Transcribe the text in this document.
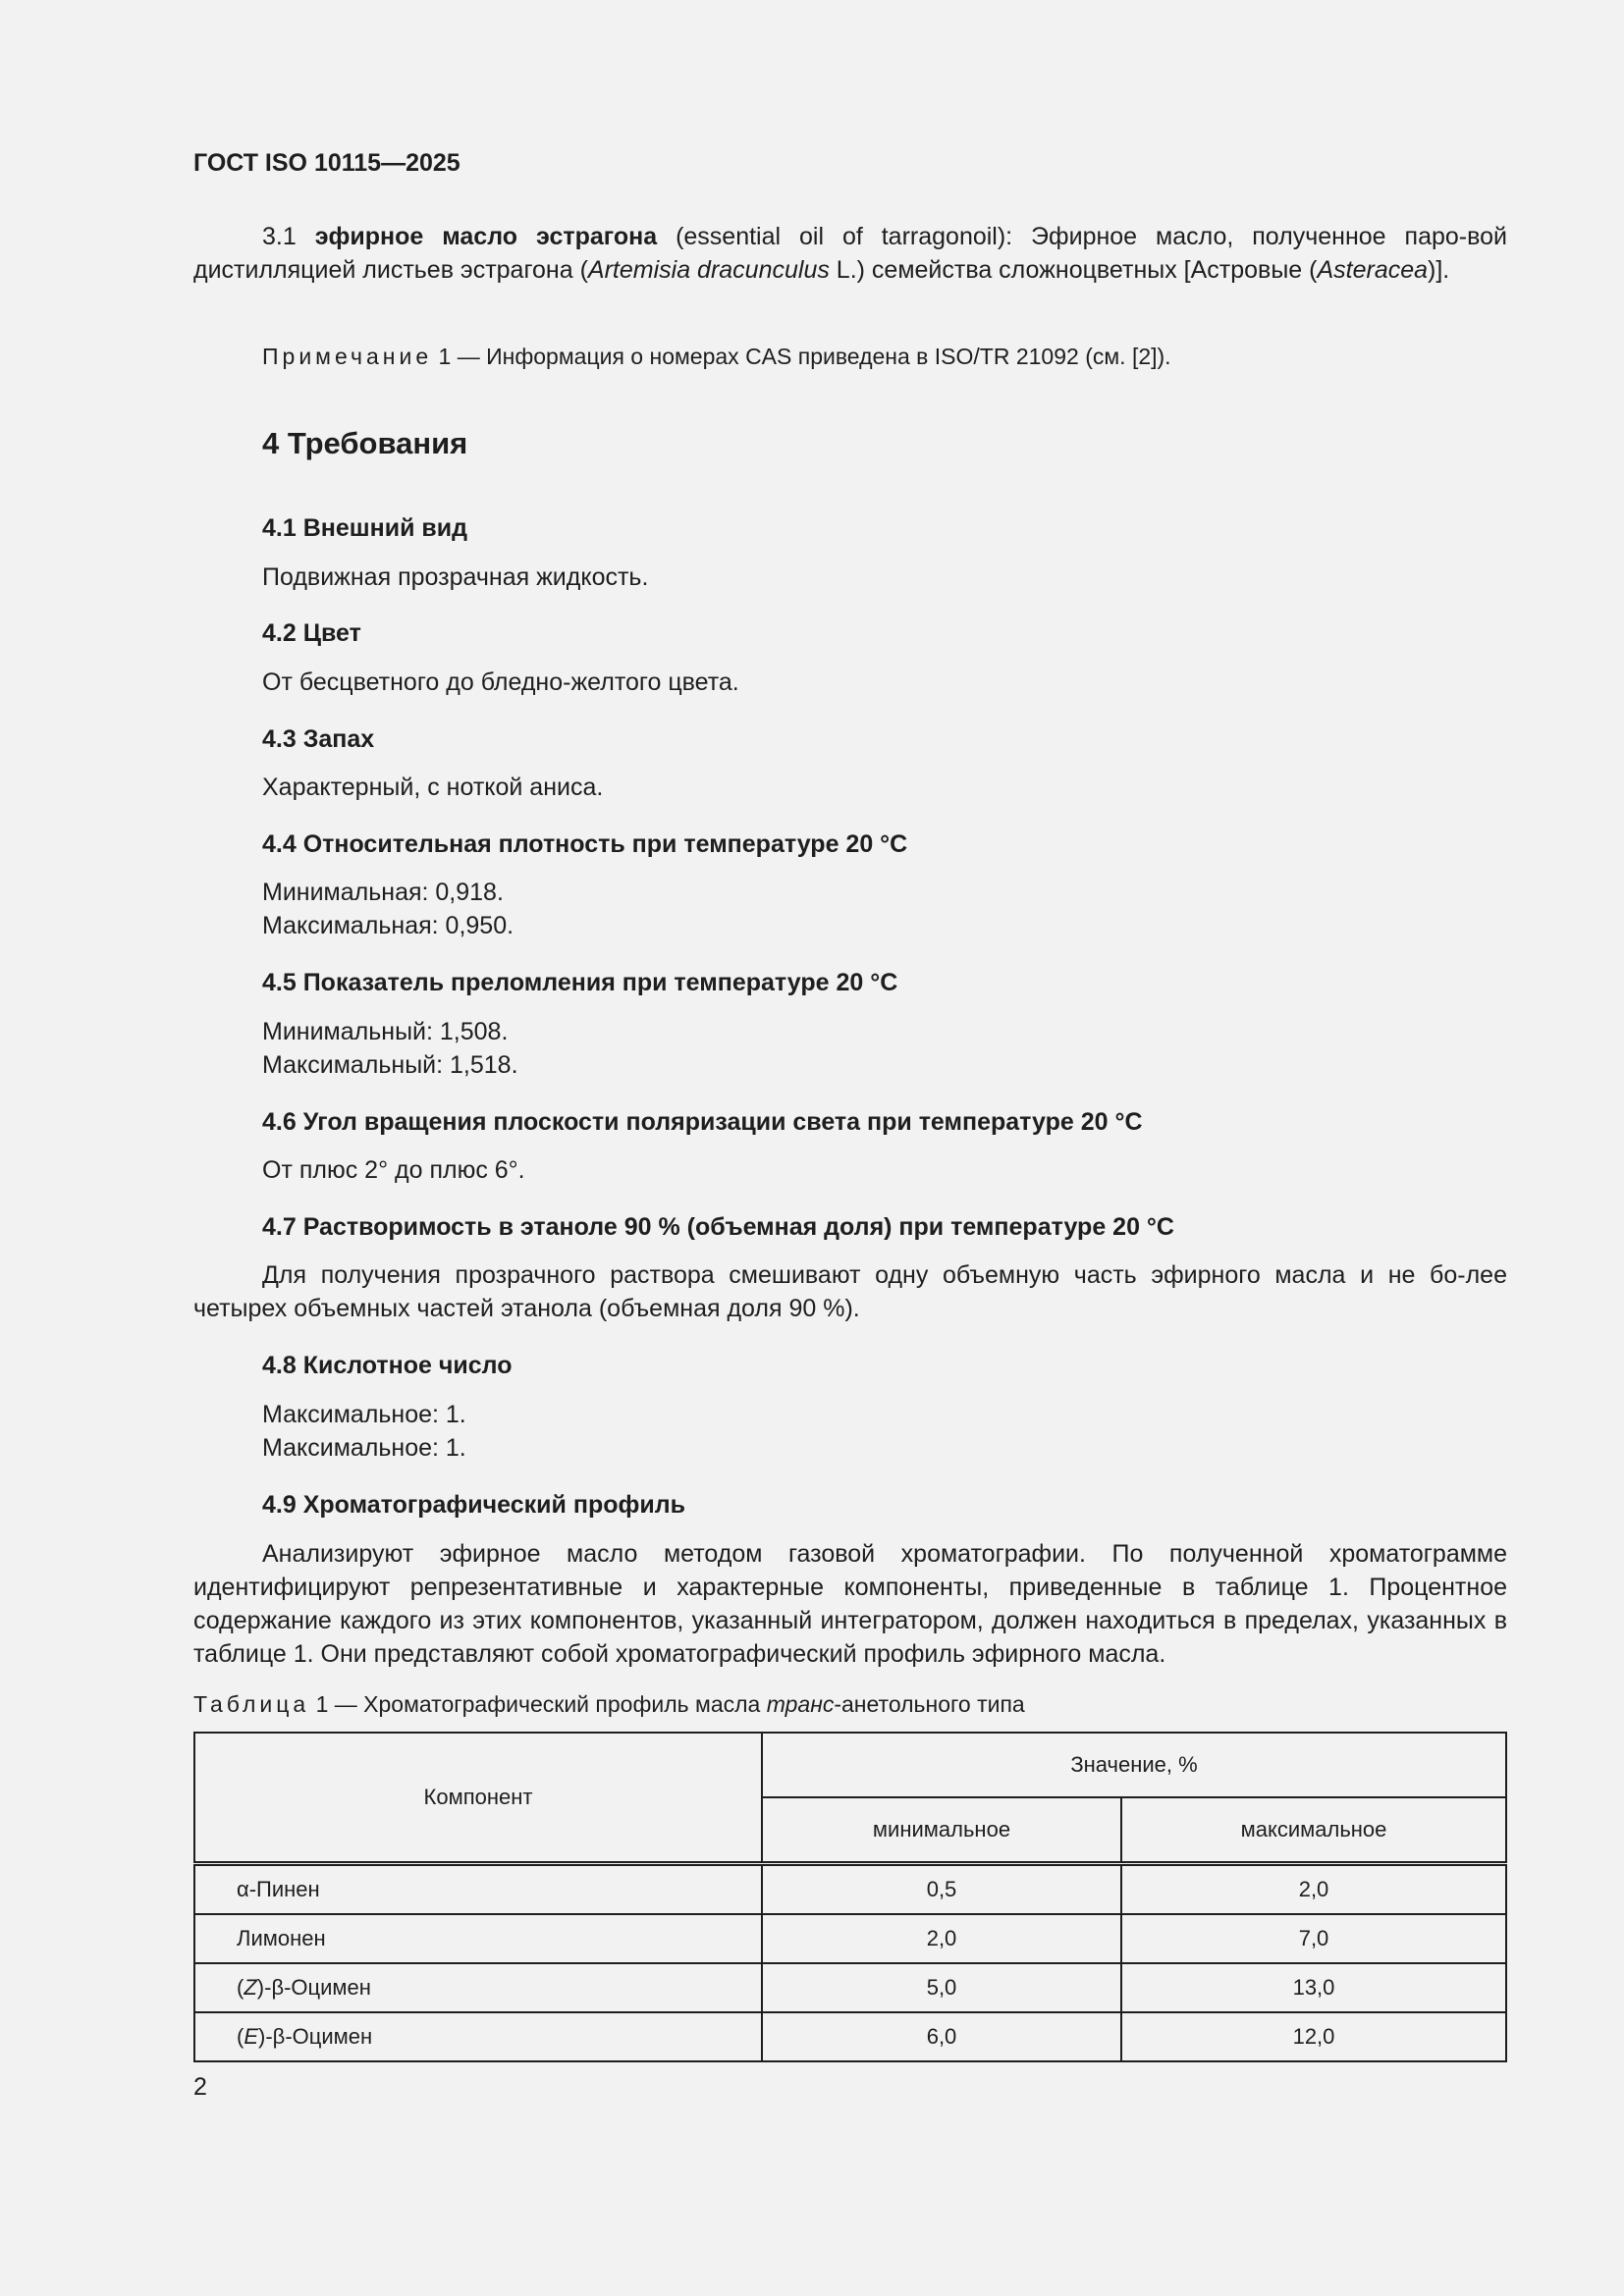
ГОСТ ISO 10115—2025
3.1 эфирное масло эстрагона (essential oil of tarragonoil): Эфирное масло, полученное паро-вой дистилляцией листьев эстрагона (Artemisia dracunculus L.) семейства сложноцветных [Астровые (Asteracea)].
Примечание 1 — Информация о номерах CAS приведена в ISO/TR 21092 (см. [2]).
4 Требования
4.1 Внешний вид
Подвижная прозрачная жидкость.
4.2 Цвет
От бесцветного до бледно-желтого цвета.
4.3 Запах
Характерный, с ноткой аниса.
4.4 Относительная плотность при температуре 20 °C
Минимальная: 0,918.
Максимальная: 0,950.
4.5 Показатель преломления при температуре 20 °C
Минимальный: 1,508.
Максимальный: 1,518.
4.6 Угол вращения плоскости поляризации света при температуре 20 °C
От плюс 2° до плюс 6°.
4.7 Растворимость в этаноле 90 % (объемная доля) при температуре 20 °C
Для получения прозрачного раствора смешивают одну объемную часть эфирного масла и не бо-лее четырех объемных частей этанола (объемная доля 90 %).
4.8 Кислотное число
Максимальное: 1.
Максимальное: 1.
4.9 Хроматографический профиль
Анализируют эфирное масло методом газовой хроматографии. По полученной хроматограмме идентифицируют репрезентативные и характерные компоненты, приведенные в таблице 1. Процентное содержание каждого из этих компонентов, указанный интегратором, должен находиться в пределах, указанных в таблице 1. Они представляют собой хроматографический профиль эфирного масла.
Таблица 1 — Хроматографический профиль масла транс-анетольного типа
Компонент	Значение, %	
	минимальное	максимальное
α-Пинен	0,5	2,0
Лимонен	2,0	7,0
(Z)-β-Оцимен	5,0	13,0
(E)-β-Оцимен	6,0	12,0
2
